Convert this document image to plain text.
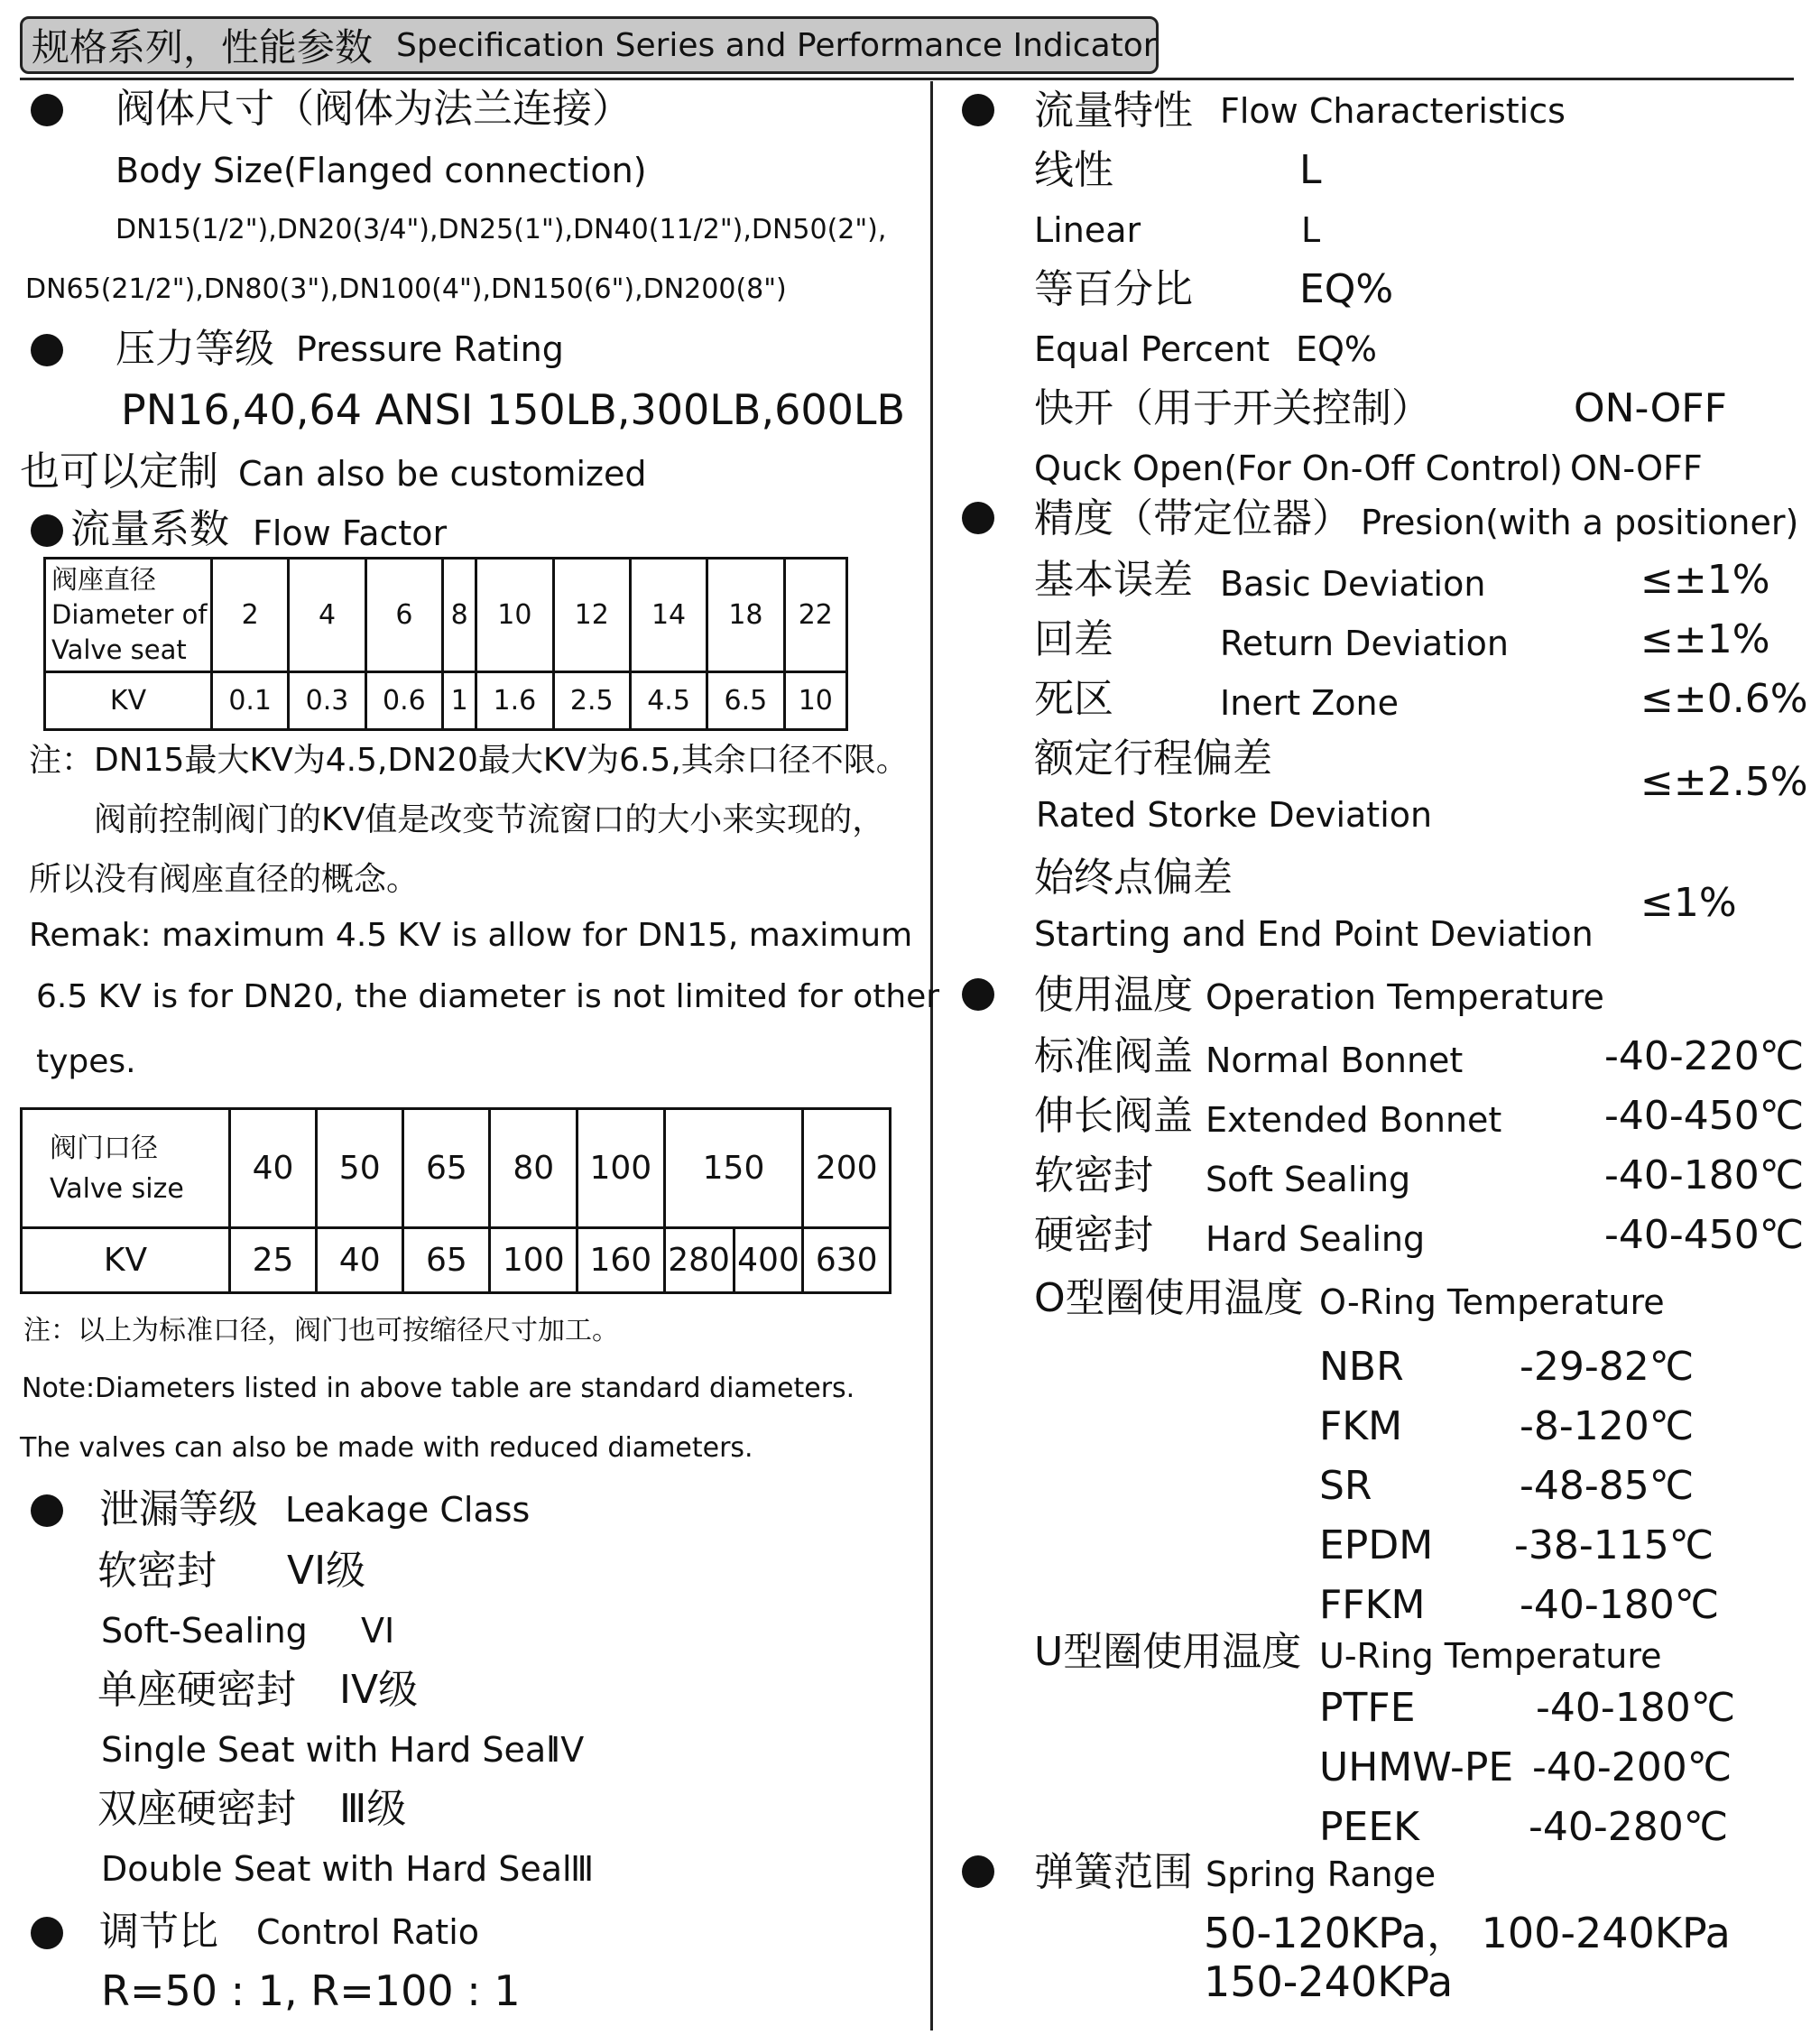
规格系列，性能参数 Specification Series and Performance Indicator
阀体尺寸（阀体为法兰连接）
Body Size(Flanged connection)
DN15(1/2"),DN20(3/4"),DN25(1"),DN40(11/2"),DN50(2"),
DN65(21/2"),DN80(3"),DN100(4"),DN150(6"),DN200(8")
压力等级 Pressure Rating
PN16,40,64 ANSI 150LB,300LB,600LB
也可以定制 Can also be customized
流量系数 Flow Factor
阀座直径
Diameter of
Valve seat	2	4	6	8	10	12	14	18	22
KV	0.1	0.3	0.6	1	1.6	2.5	4.5	6.5	10
注：DN15最大KV为4.5,DN20最大KV为6.5,其余口径不限。
阀前控制阀门的KV值是改变节流窗口的大小来实现的，
所以没有阀座直径的概念。
Remak: maximum 4.5 KV is allow for DN15, maximum
6.5 KV is for DN20, the diameter is not limited for other
types.
阀门口径
Valve size	40	50	65	80	100	150		200
KV	25	40	65	100	160	280	400	630
注：以上为标准口径，阀门也可按缩径尺寸加工。
Note:Diameters listed in above table are standard diameters.
The valves can also be made with reduced diameters.
泄漏等级 Leakage Class
软密封 VI级
Soft-Sealing VI
单座硬密封 IV级
Single Seat with Hard Seal
IV
双座硬密封 Ⅲ级
Double Seat with Hard Seal
Ⅲ
调节比 Control Ratio
R=50 : 1, R=100 : 1
流量特性 Flow Characteristics
线性	L
Linear	L
等百分比	EQ%
Equal Percent EQ%
快开（用于开关控制）	ON-OFF
Quck Open(For On-Off Control) ON-OFF
精度（带定位器） Presion(with a positioner)
基本误差 Basic Deviation	≤±1%
回差	Return Deviation	≤±1%
死区	Inert Zone	≤±0.6%
额定行程偏差
Rated Storke Deviation
≤±2.5%
始终点偏差
Starting and End Point Deviation
≤1%
使用温度 Operation Temperature
标准阀盖 Normal Bonnet	-40-220℃
伸长阀盖 Extended Bonnet	-40-450℃
软密封 Soft Sealing	-40-180℃
硬密封 Hard Sealing	-40-450℃
O型圈使用温度 O-Ring Temperature
NBR	-29-82℃
FKM	-8-120℃
SR	-48-85℃
EPDM -38-115℃
FFKM -40-180℃
U型圈使用温度 U-Ring Temperature
PTFE	-40-180℃
UHMW-PE -40-200℃
PEEK	-40-280℃
弹簧范围 Spring Range
50-120KPa， 100-240KPa
150-240KPa
